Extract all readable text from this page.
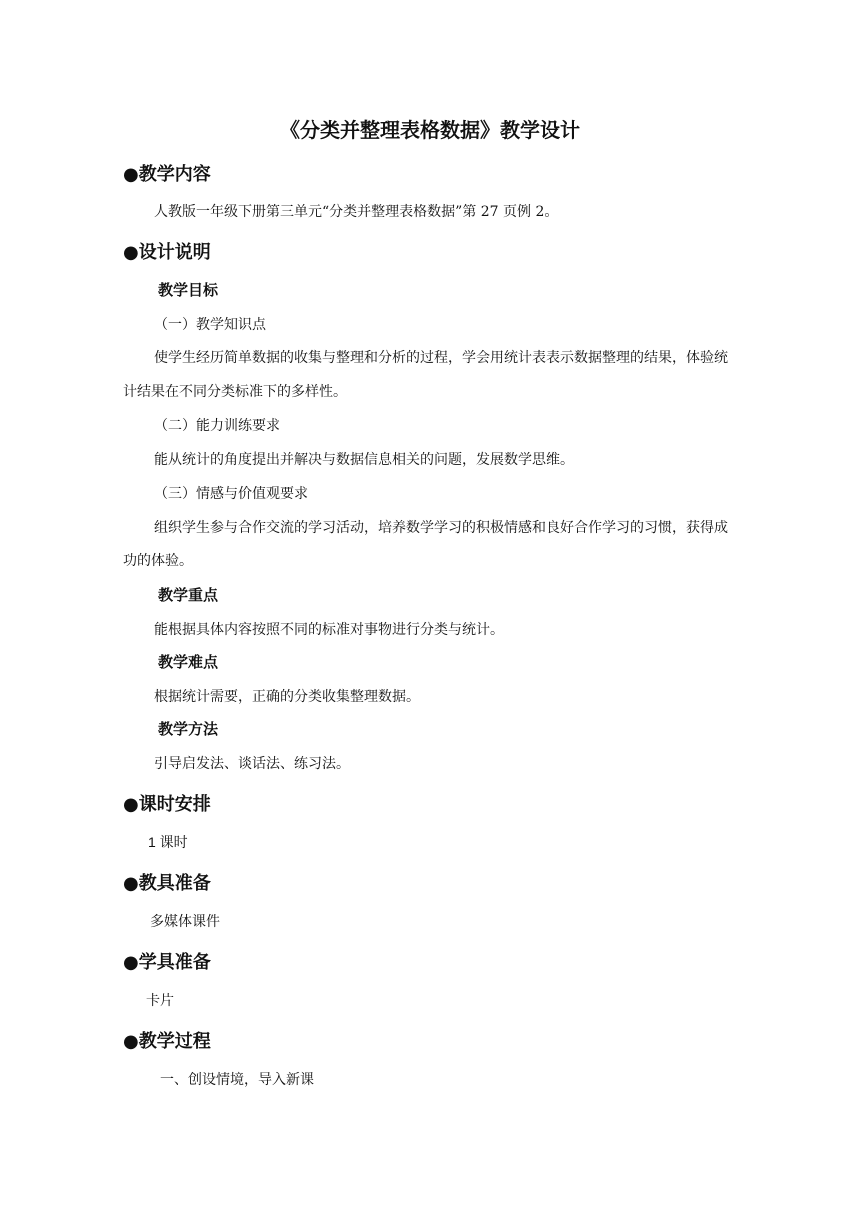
《分类并整理表格数据》教学设计
●教学内容
人教版一年级下册第三单元“分类并整理表格数据”第 27 页例 2。
●设计说明
教学目标
（一）教学知识点
使学生经历简单数据的收集与整理和分析的过程，学会用统计表表示数据整理的结果，体验统
计结果在不同分类标准下的多样性。
（二）能力训练要求
能从统计的角度提出并解决与数据信息相关的问题，发展数学思维。
（三）情感与价值观要求
组织学生参与合作交流的学习活动，培养数学学习的积极情感和良好合作学习的习惯，获得成
功的体验。
教学重点
能根据具体内容按照不同的标准对事物进行分类与统计。
教学难点
根据统计需要，正确的分类收集整理数据。
教学方法
引导启发法、谈话法、练习法。
●课时安排
1 课时
●教具准备
多媒体课件
●学具准备
卡片
●教学过程
一、创设情境，导入新课
